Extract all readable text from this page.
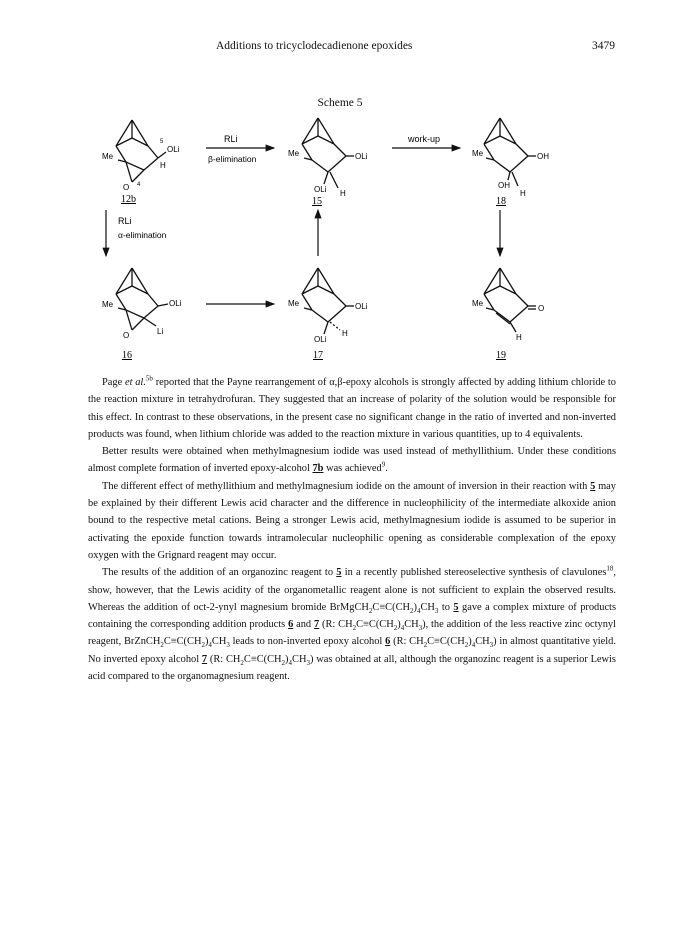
Additions to tricyclodecadienone epoxides	3479
Scheme 5
Me
OLi
5
H
O 4
12b
RLi
β-elimination
Me	OLi
OLi H
15
work-up
Me	OH
OH
H
18
RLi
α-elimination
Me	OLi
O	Li
16
Me	OLi
OLi
H
17
Me
O
H
19

Page et al.$^{5b}$ reported that the Payne rearrangement of α,β-epoxy alcohols is strongly affected by adding lithium chloride to the reaction mixture in tetrahydrofuran. They suggested that an increase of polarity of the solution would be responsible for this effect. In contrast to these observations, in the present case no significant change in the ratio of inverted and non-inverted products was found, when lithium chloride was added to the reaction mixture in various quantities, up to 4 equivalents.

Better results were obtained when methylmagnesium iodide was used instead of methyllithium. Under these conditions almost complete formation of inverted epoxy-alcohol 7b was achieved$^9$.

The different effect of methyllithium and methylmagnesium iodide on the amount of inversion in their reaction with 5 may be explained by their different Lewis acid character and the difference in nucleophilicity of the intermediate alkoxide anion bound to the respective metal cations. Being a stronger Lewis acid, methylmagnesium iodide is assumed to be superior in activating the epoxide function towards intramolecular nucleophilic opening as considerable complexation of the epoxy oxygen with the Grignard reagent may occur.

The results of the addition of an organozinc reagent to 5 in a recently published stereoselective synthesis of clavulones$^{18}$, show, however, that the Lewis acidity of the organometallic reagent alone is not sufficient to explain the observed results. Whereas the addition of oct-2-ynyl magnesium bromide $BrMgCH_2C\equiv C(CH_2)_4CH_3$ to 5 gave a complex mixture of products containing the corresponding addition products 6 and 7 (R: $CH_2C\equiv C(CH_2)_4CH_3$), the addition of the less reactive zinc octynyl reagent, $BrZnCH_2C\equiv C(CH_2)_4CH_3$ leads to non-inverted epoxy alcohol 6 (R: $CH_2C\equiv C(CH_2)_4CH_3$) in almost quantitative yield. No inverted epoxy alcohol 7 (R: $CH_2C\equiv C(CH_2)_4CH_3$) was obtained at all, although the organozinc reagent is a superior Lewis acid compared to the organomagnesium reagent.
